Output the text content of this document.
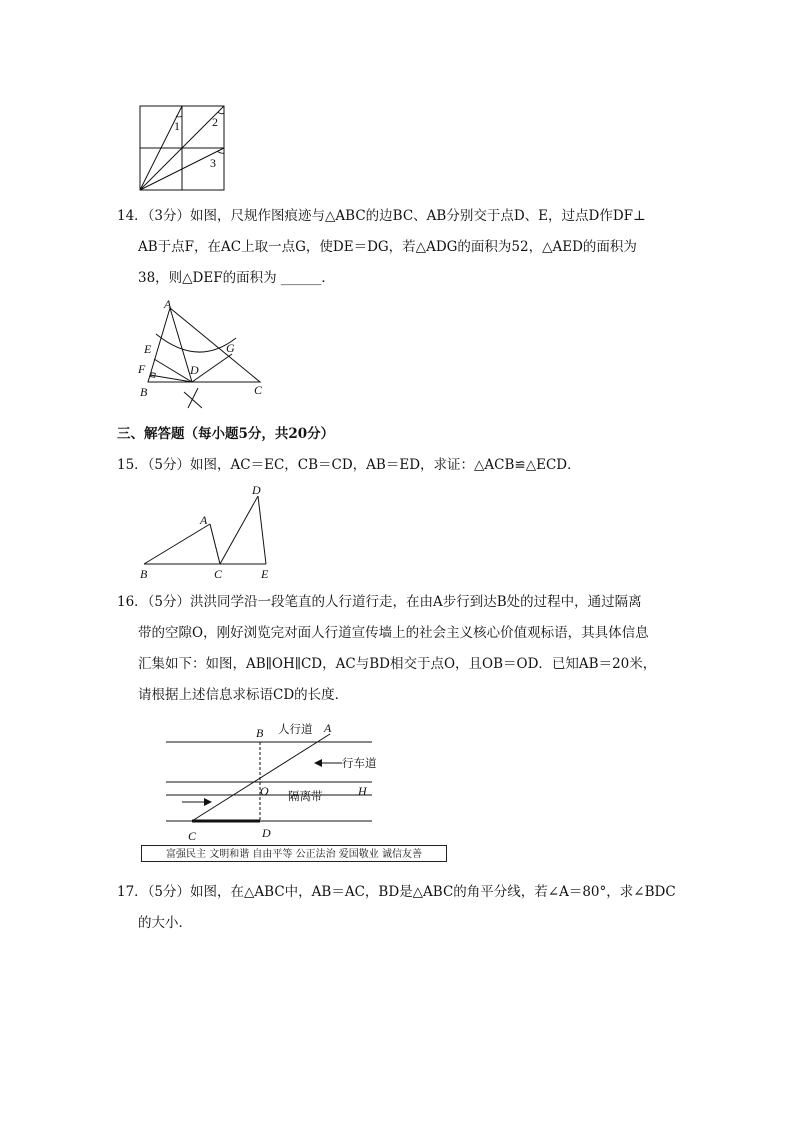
1	2
3
14．（3分）如图，尺规作图痕迹与△ABC的边BC、AB分别交于点D、E，过点D作DF⊥
AB于点F，在AC上取一点G，使DE＝DG，若△ADG的面积为52，△AED的面积为
38，则△DEF的面积为 ______．
A
E
F
B
D
G
C
三、解答题（每小题5分，共20分）
15．（5分）如图，AC＝EC，CB＝CD，AB＝ED，求证：△ACB≌△ECD．
A
B	C
D
E
16．（5分）洪洪同学沿一段笔直的人行道行走，在由A步行到达B处的过程中，通过隔离
带的空隙O，刚好浏览完对面人行道宣传墙上的社会主义核心价值观标语，其具体信息
汇集如下：如图，AB∥OH∥CD，AC与BD相交于点O，且OB＝OD．已知AB＝20米，
请根据上述信息求标语CD的长度．
B	A
O	H
C	D
人行道
行车道
隔离带
富强民主 文明和谐 自由平等 公正法治 爱国敬业 诚信友善
17．（5分）如图，在△ABC中，AB＝AC，BD是△ABC的角平分线，若∠A＝80°，求∠BDC
的大小．
